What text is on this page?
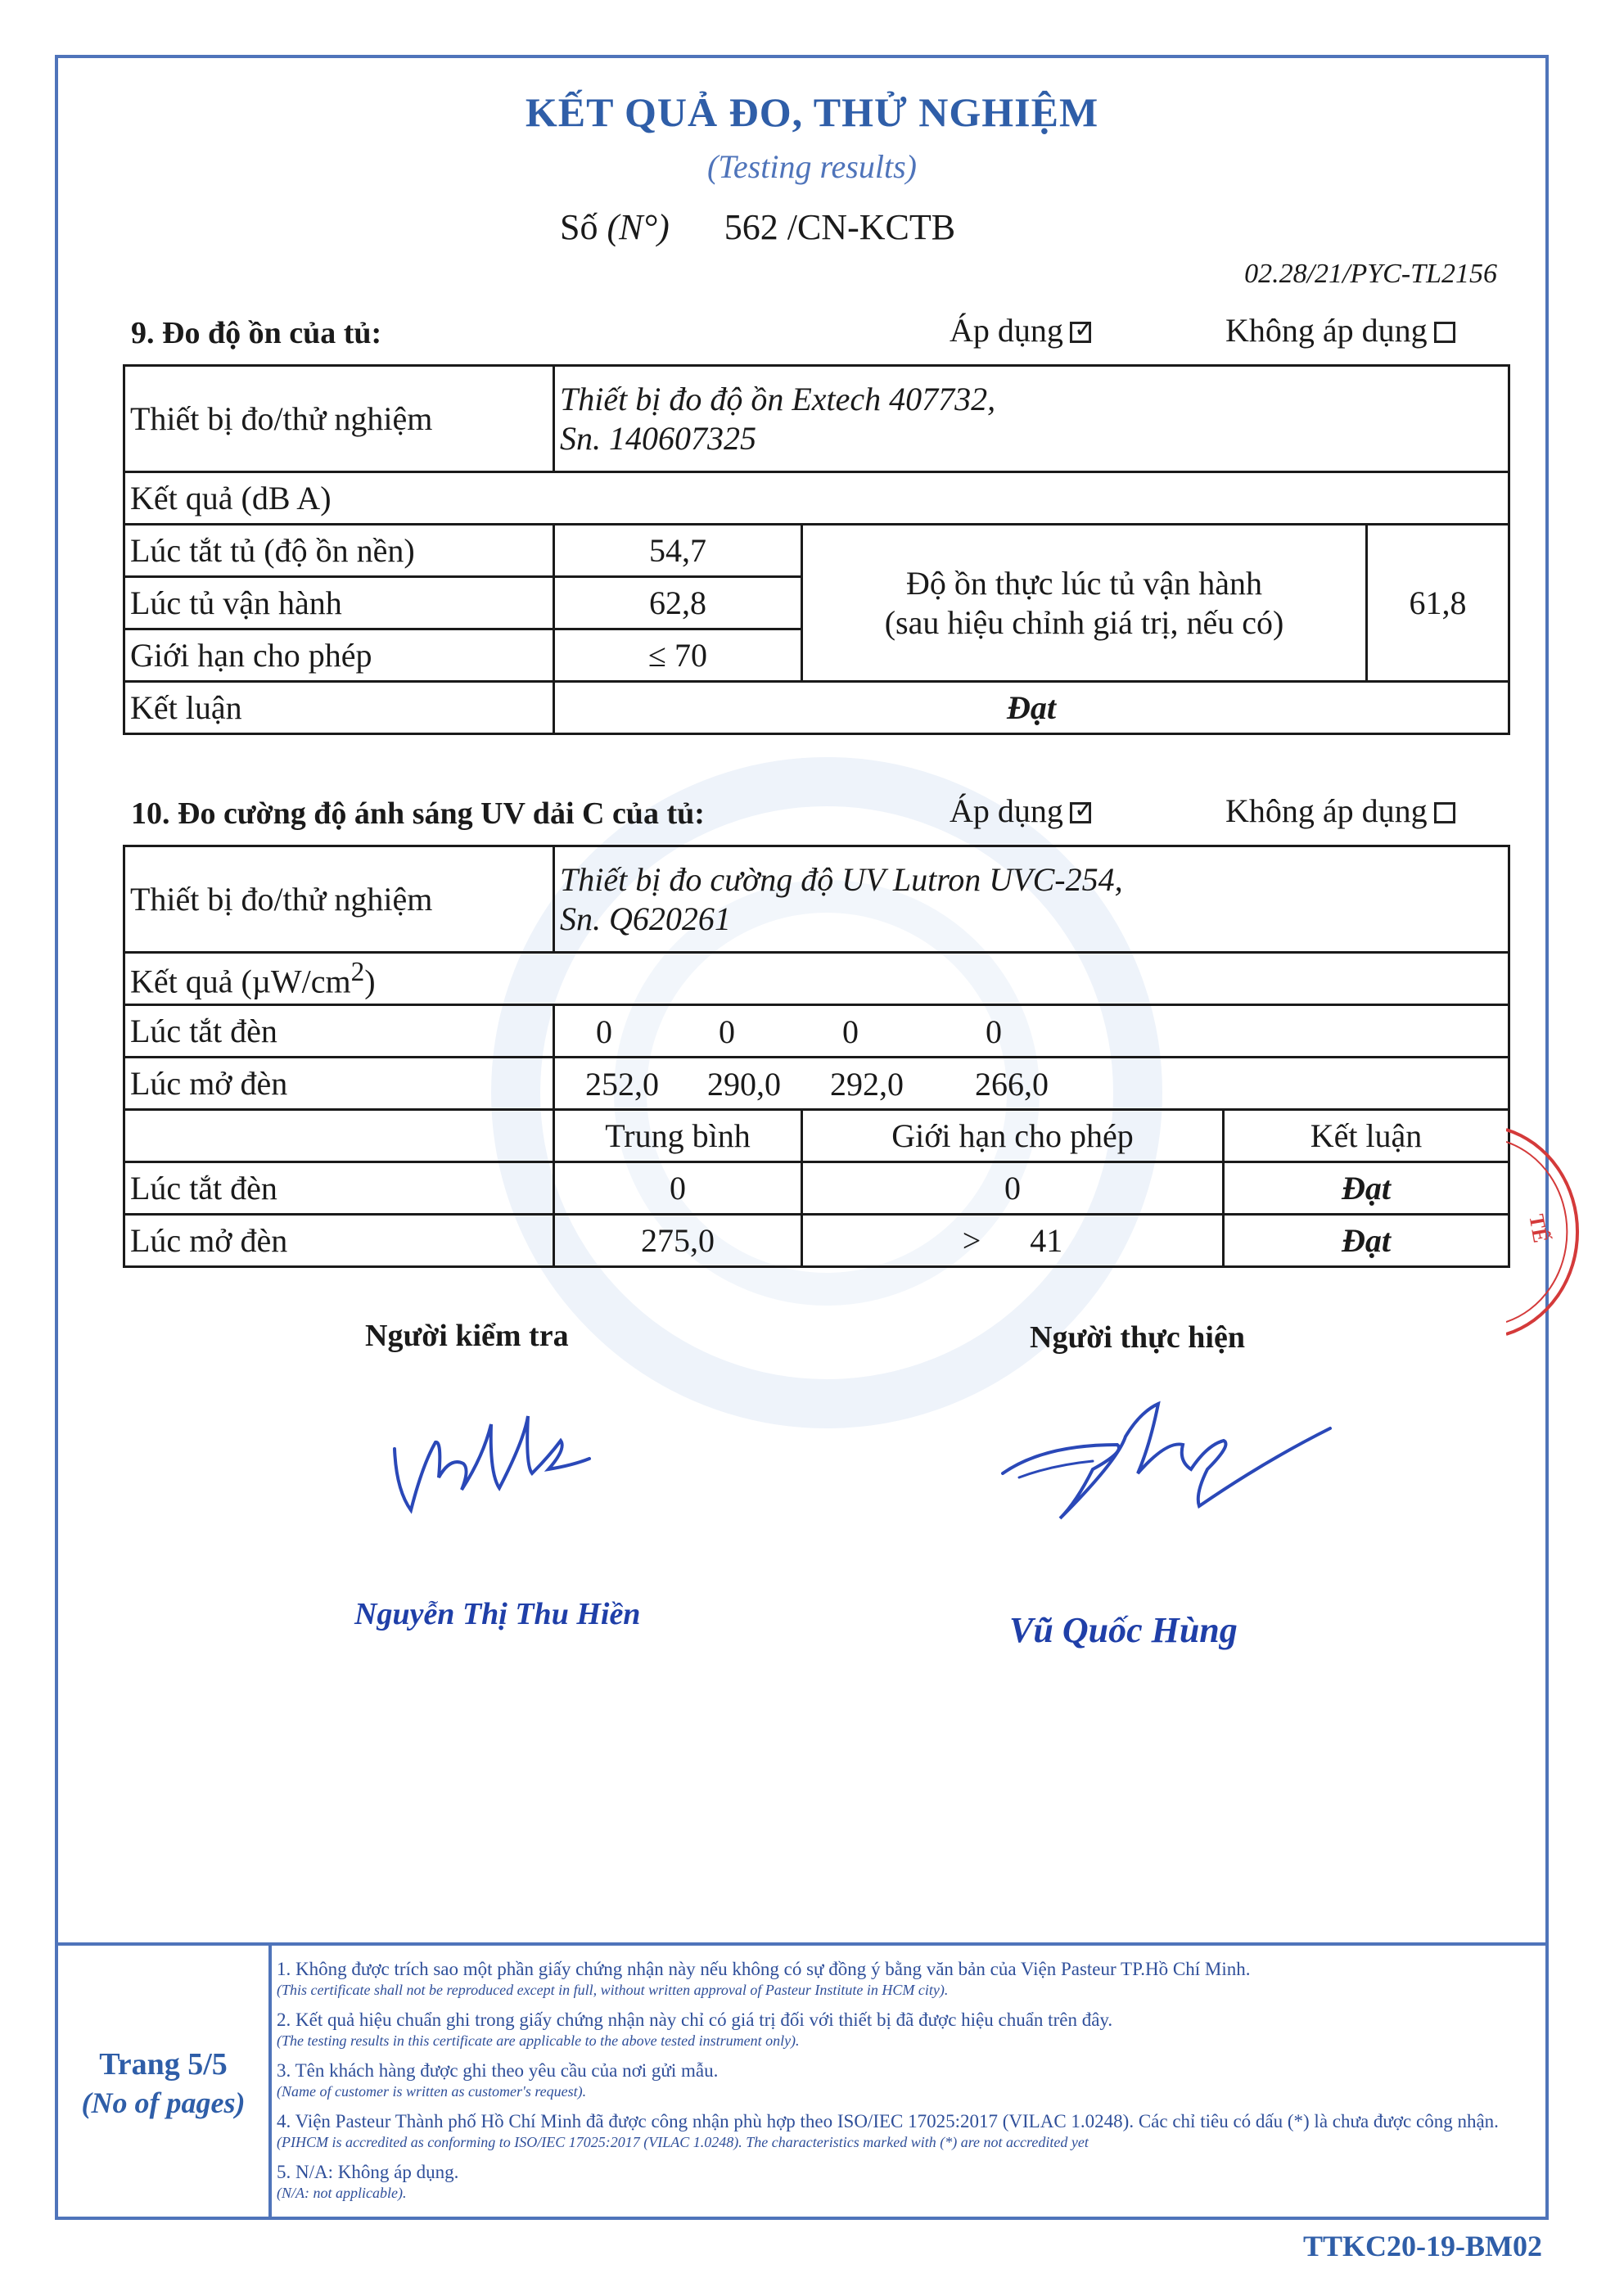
KẾT QUẢ ĐO, THỬ NGHIỆM
(Testing results)
Số (N°) 562 /CN-KCTB
02.28/21/PYC-TL2156
9. Đo độ ồn của tủ:	Áp dụng ✓	Không áp dụng
Thiết bị đo/thử nghiệm	Thiết bị đo độ ồn Extech 407732,
Sn. 140607325		

Kết quả (dB A)			
Lúc tắt tủ (độ ồn nền)	54,7	Độ ồn thực lúc tủ vận hành
(sau hiệu chỉnh giá trị, nếu có)	61,8
Lúc tủ vận hành	62,8		
Giới hạn cho phép	≤ 70		
Kết luận	Đạt		
10. Đo cường độ ánh sáng UV dải C của tủ:	Áp dụng ✓	Không áp dụng
Thiết bị đo/thử nghiệm	Thiết bị đo cường độ UV Lutron UVC-254,
Sn. Q620261		

Kết quả $(\mu W/cm^2)$			
Lúc tắt đèn	0 0 0 0		

Lúc mở đèn	252,0 290,0 292,0 266,0		

	Trung bình	Giới hạn cho phép	Kết luận
Lúc tắt đèn	0	0	Đạt
Lúc mở đèn	275,0	> 41	Đạt	TẾ
Người kiểm tra	Người thực hiện
Nguyễn Thị Thu Hiền	Vũ Quốc Hùng
Trang 5/5
(No of pages)
1. Không được trích sao một phần giấy chứng nhận này nếu không có sự đồng ý bằng văn bản của Viện Pasteur TP.Hồ Chí Minh.
(This certificate shall not be reproduced except in full, without written approval of Pasteur Institute in HCM city).
2. Kết quả hiệu chuẩn ghi trong giấy chứng nhận này chỉ có giá trị đối với thiết bị đã được hiệu chuẩn trên đây.
(The testing results in this certificate are applicable to the above tested instrument only).
3. Tên khách hàng được ghi theo yêu cầu của nơi gửi mẫu.
(Name of customer is written as customer's request).
4. Viện Pasteur Thành phố Hồ Chí Minh đã được công nhận phù hợp theo ISO/IEC 17025:2017 (VILAC 1.0248). Các chỉ tiêu có dấu (*) là chưa được công nhận.
(PIHCM is accredited as conforming to ISO/IEC 17025:2017 (VILAC 1.0248). The characteristics marked with (*) are not accredited yet
5. N/A: Không áp dụng.
(N/A: not applicable).
TTKC20-19-BM02
